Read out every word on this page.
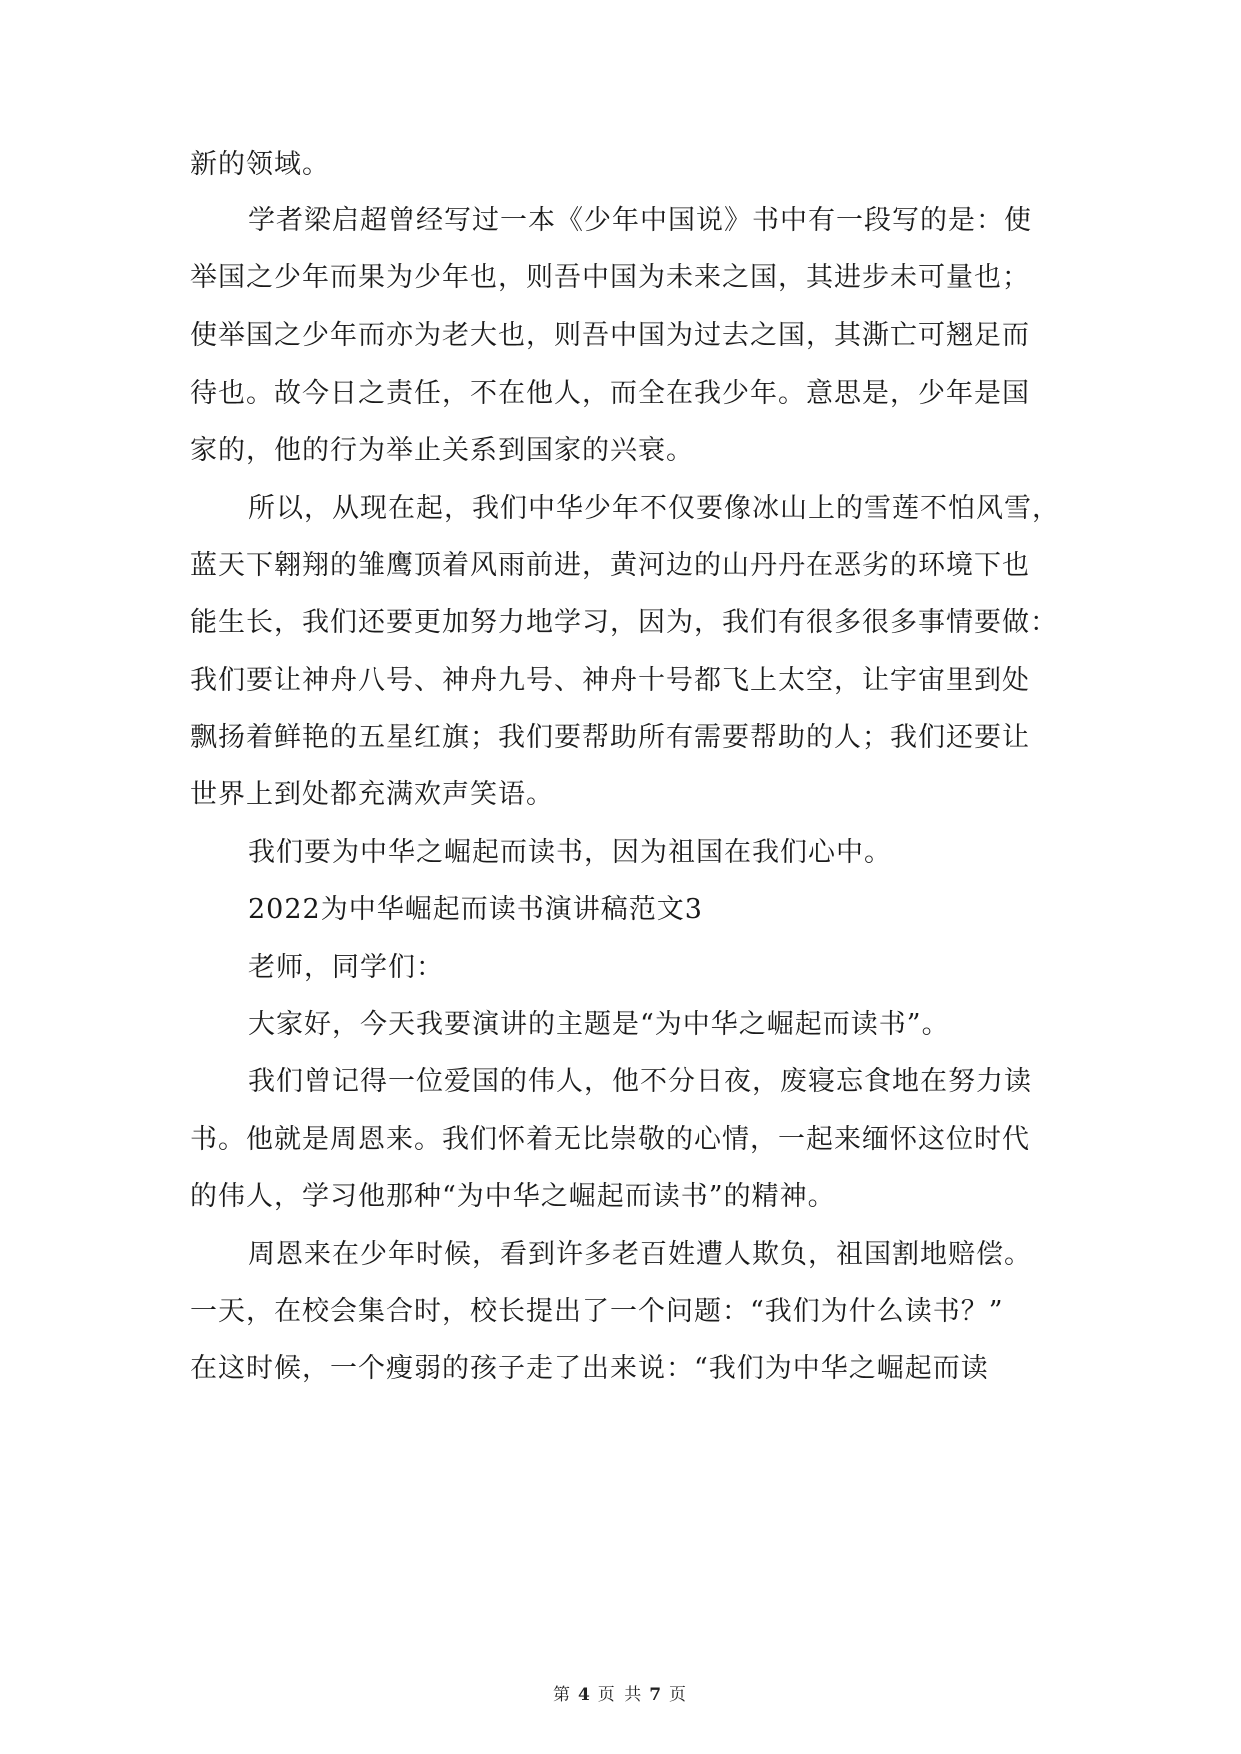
新的领域。
学者梁启超曾经写过一本《少年中国说》书中有一段写的是：使
举国之少年而果为少年也，则吾中国为未来之国，其进步未可量也；
使举国之少年而亦为老大也，则吾中国为过去之国，其澌亡可翘足而
待也。故今日之责任，不在他人，而全在我少年。意思是，少年是国
家的，他的行为举止关系到国家的兴衰。
所以，从现在起，我们中华少年不仅要像冰山上的雪莲不怕风雪，
蓝天下翱翔的雏鹰顶着风雨前进，黄河边的山丹丹在恶劣的环境下也
能生长，我们还要更加努力地学习，因为，我们有很多很多事情要做：
我们要让神舟八号、神舟九号、神舟十号都飞上太空，让宇宙里到处
飘扬着鲜艳的五星红旗；我们要帮助所有需要帮助的人；我们还要让
世界上到处都充满欢声笑语。
我们要为中华之崛起而读书，因为祖国在我们心中。
2022为中华崛起而读书演讲稿范文3
老师，同学们：
大家好，今天我要演讲的主题是“为中华之崛起而读书”。
我们曾记得一位爱国的伟人，他不分日夜，废寝忘食地在努力读
书。他就是周恩来。我们怀着无比崇敬的心情，一起来缅怀这位时代
的伟人，学习他那种“为中华之崛起而读书”的精神。
周恩来在少年时候，看到许多老百姓遭人欺负，祖国割地赔偿。
一天，在校会集合时，校长提出了一个问题：“我们为什么读书？”
在这时候，一个瘦弱的孩子走了出来说：“我们为中华之崛起而读
第 4 页 共 7 页
